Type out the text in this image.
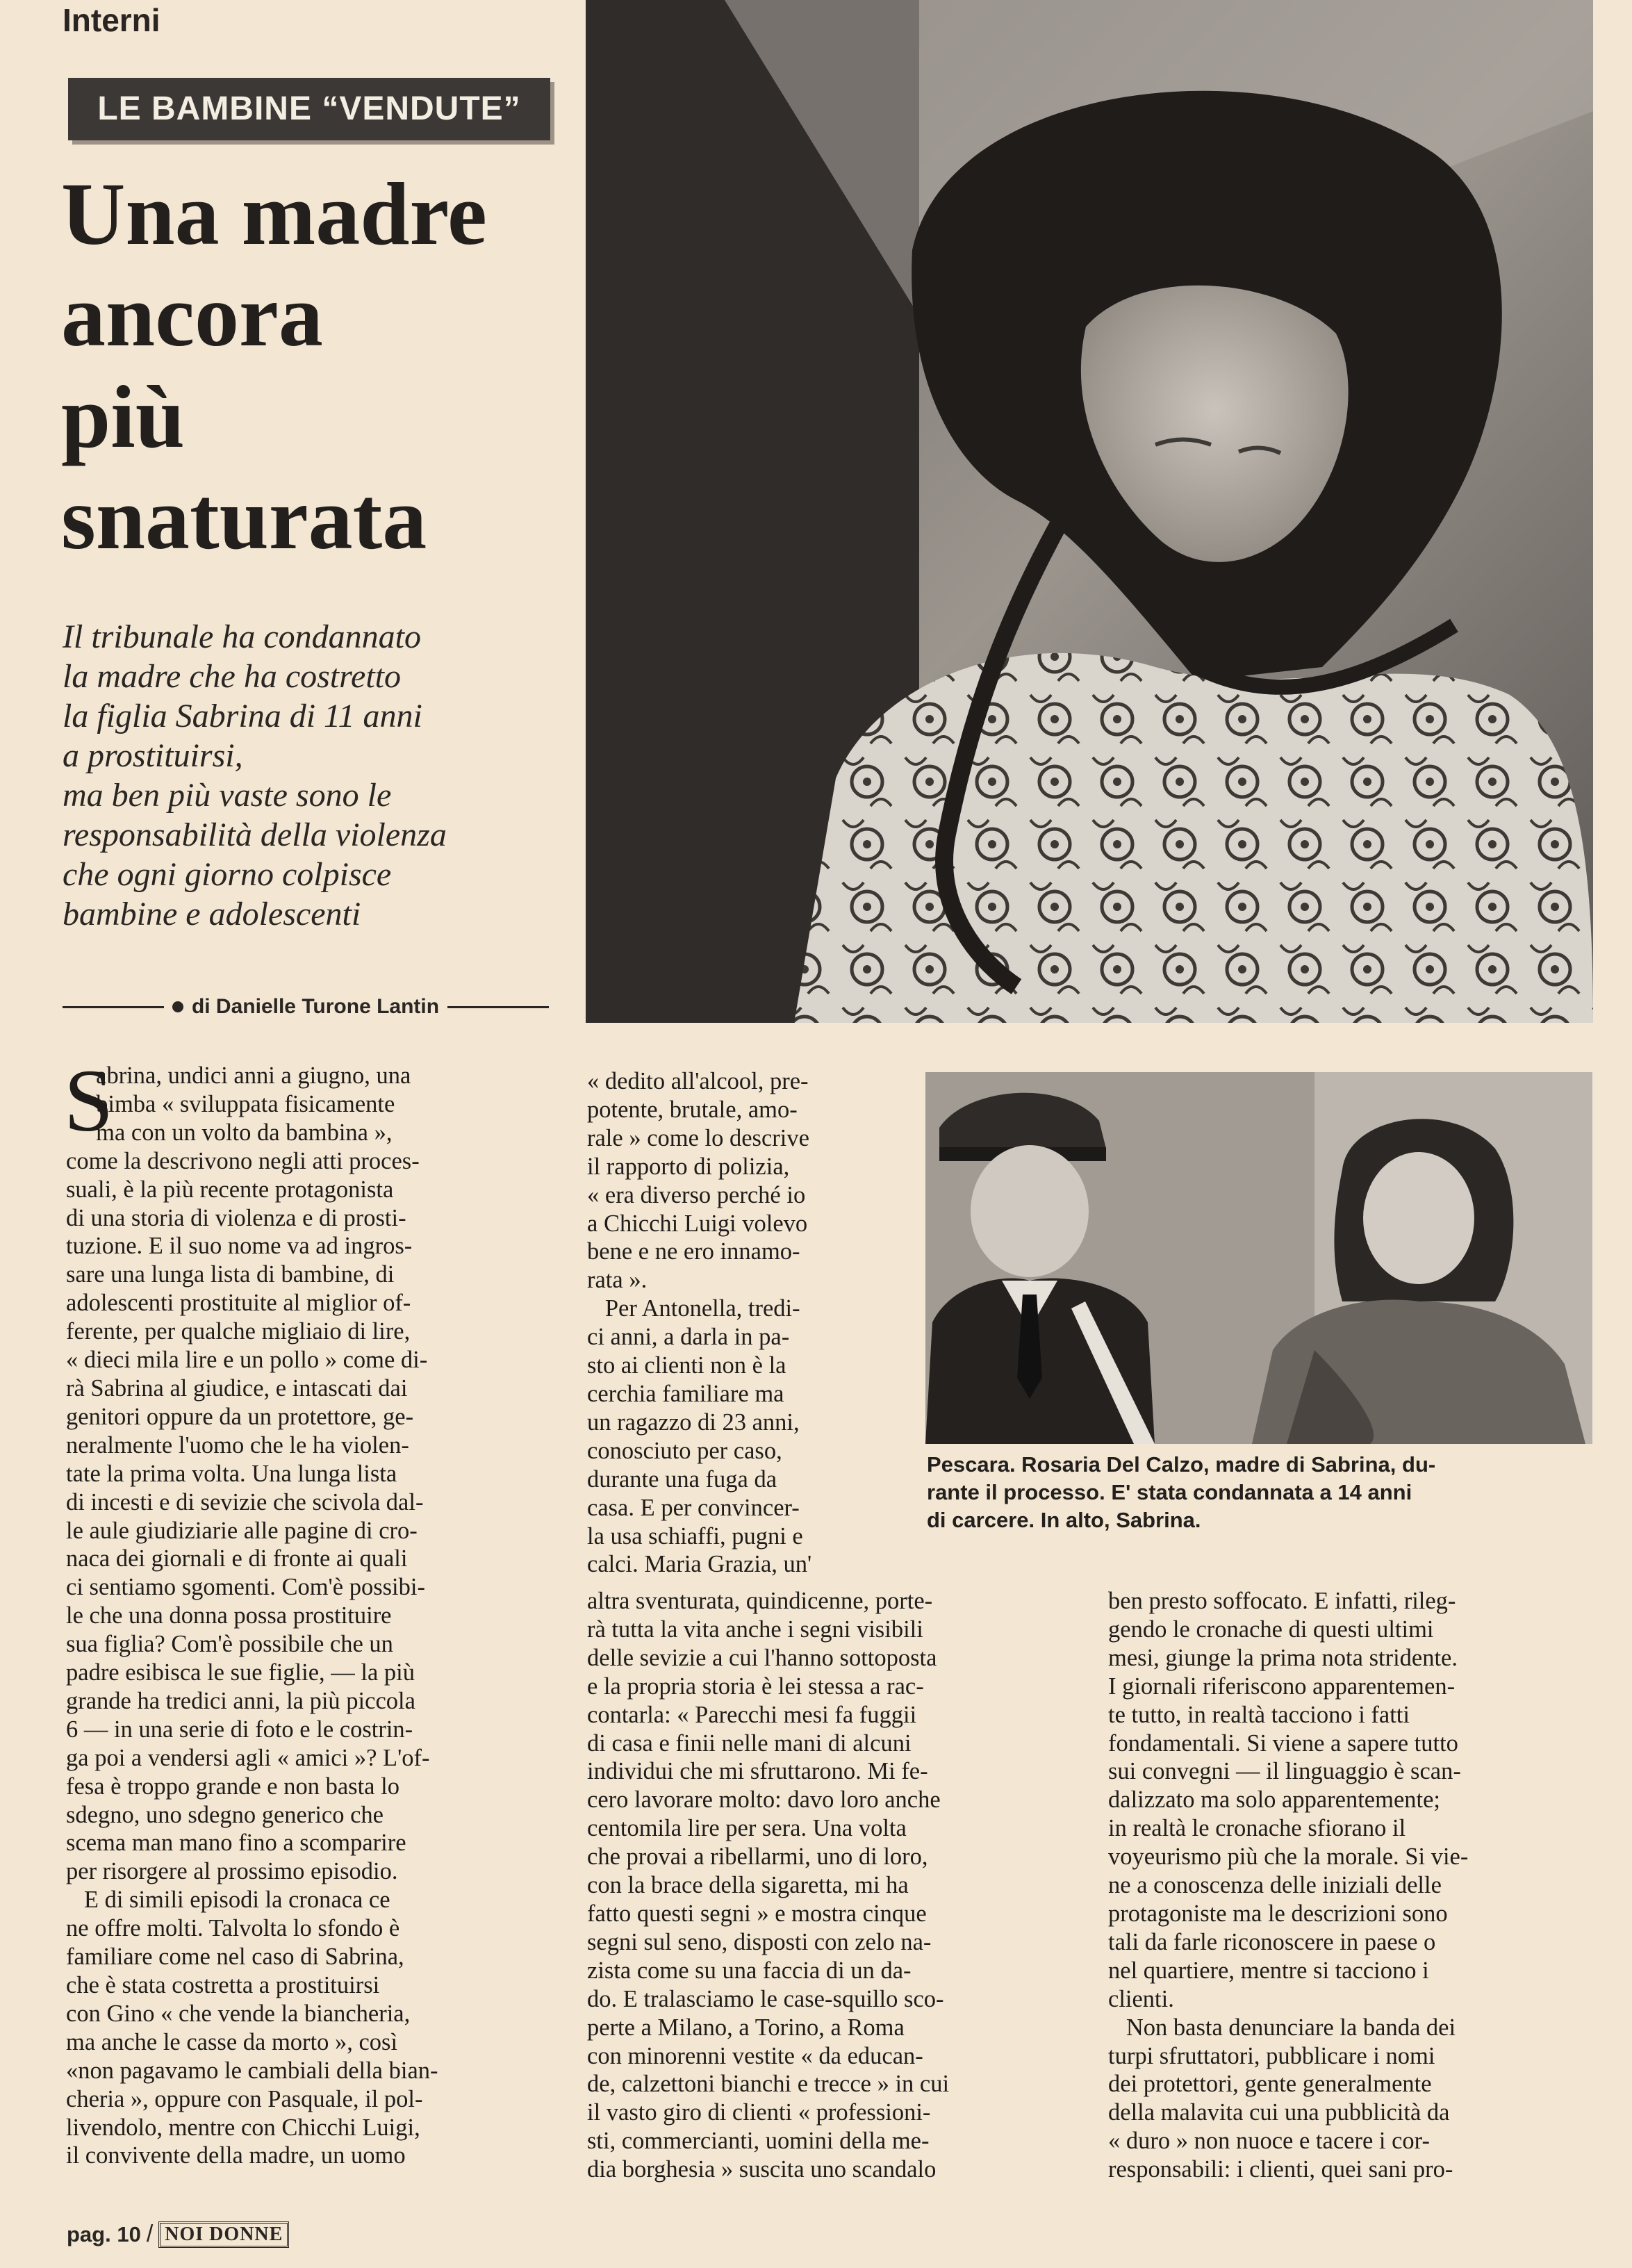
Interni
LE BAMBINE “VENDUTE”
Una madre
ancora
più
snaturata

Il tribunale ha condannato
la madre che ha costretto
la figlia Sabrina di 11 anni
a prostituirsi,
ma ben più vaste sono le
responsabilità della violenza
che ogni giorno colpisce
bambine e adolescenti

di Danielle Turone Lantin

Pescara. Rosaria Del Calzo, madre di Sabrina, du-
rante il processo. E' stata condannata a 14 anni
di carcere. In alto, Sabrina.

S

abrina, undici anni a giugno, una
bimba « sviluppata fisicamente
ma con un volto da bambina »,
come la descrivono negli atti proces-
suali, è la più recente protagonista
di una storia di violenza e di prosti-
tuzione. E il suo nome va ad ingros-
sare una lunga lista di bambine, di
adolescenti prostituite al miglior of-
ferente, per qualche migliaio di lire,
« dieci mila lire e un pollo » come di-
rà Sabrina al giudice, e intascati dai
genitori oppure da un protettore, ge-
neralmente l'uomo che le ha violen-
tate la prima volta. Una lunga lista
di incesti e di sevizie che scivola dal-
le aule giudiziarie alle pagine di cro-
naca dei giornali e di fronte ai quali
ci sentiamo sgomenti. Com'è possibi-
le che una donna possa prostituire
sua figlia? Com'è possibile che un
padre esibisca le sue figlie, — la più
grande ha tredici anni, la più piccola
6 — in una serie di foto e le costrin-
ga poi a vendersi agli « amici »? L'of-
fesa è troppo grande e non basta lo
sdegno, uno sdegno generico che
scema man mano fino a scomparire
per risorgere al prossimo episodio.
E di simili episodi la cronaca ce
ne offre molti. Talvolta lo sfondo è
familiare come nel caso di Sabrina,
che è stata costretta a prostituirsi
con Gino « che vende la biancheria,
ma anche le casse da morto », così
«non pagavamo le cambiali della bian-
cheria », oppure con Pasquale, il pol-
livendolo, mentre con Chicchi Luigi,
il convivente della madre, un uomo

« dedito all'alcool, pre-
potente, brutale, amo-
rale » come lo descrive
il rapporto di polizia,
« era diverso perché io
a Chicchi Luigi volevo
bene e ne ero innamo-
rata ».
Per Antonella, tredi-
ci anni, a darla in pa-
sto ai clienti non è la
cerchia familiare ma
un ragazzo di 23 anni,
conosciuto per caso,
durante una fuga da
casa. E per convincer-
la usa schiaffi, pugni e
calci. Maria Grazia, un'

altra sventurata, quindicenne, porte-
rà tutta la vita anche i segni visibili
delle sevizie a cui l'hanno sottoposta
e la propria storia è lei stessa a rac-
contarla: « Parecchi mesi fa fuggii
di casa e finii nelle mani di alcuni
individui che mi sfruttarono. Mi fe-
cero lavorare molto: davo loro anche
centomila lire per sera. Una volta
che provai a ribellarmi, uno di loro,
con la brace della sigaretta, mi ha
fatto questi segni » e mostra cinque
segni sul seno, disposti con zelo na-
zista come su una faccia di un da-
do. E tralasciamo le case-squillo sco-
perte a Milano, a Torino, a Roma
con minorenni vestite « da educan-
de, calzettoni bianchi e trecce » in cui
il vasto giro di clienti « professioni-
sti, commercianti, uomini della me-
dia borghesia » suscita uno scandalo

ben presto soffocato. E infatti, rileg-
gendo le cronache di questi ultimi
mesi, giunge la prima nota stridente.
I giornali riferiscono apparentemen-
te tutto, in realtà tacciono i fatti
fondamentali. Si viene a sapere tutto
sui convegni — il linguaggio è scan-
dalizzato ma solo apparentemente;
in realtà le cronache sfiorano il
voyeurismo più che la morale. Si vie-
ne a conoscenza delle iniziali delle
protagoniste ma le descrizioni sono
tali da farle riconoscere in paese o
nel quartiere, mentre si tacciono i
clienti.
Non basta denunciare la banda dei
turpi sfruttatori, pubblicare i nomi
dei protettori, gente generalmente
della malavita cui una pubblicità da
« duro » non nuoce e tacere i cor-
responsabili: i clienti, quei sani pro-

pag. 10 / NOI DONNE
